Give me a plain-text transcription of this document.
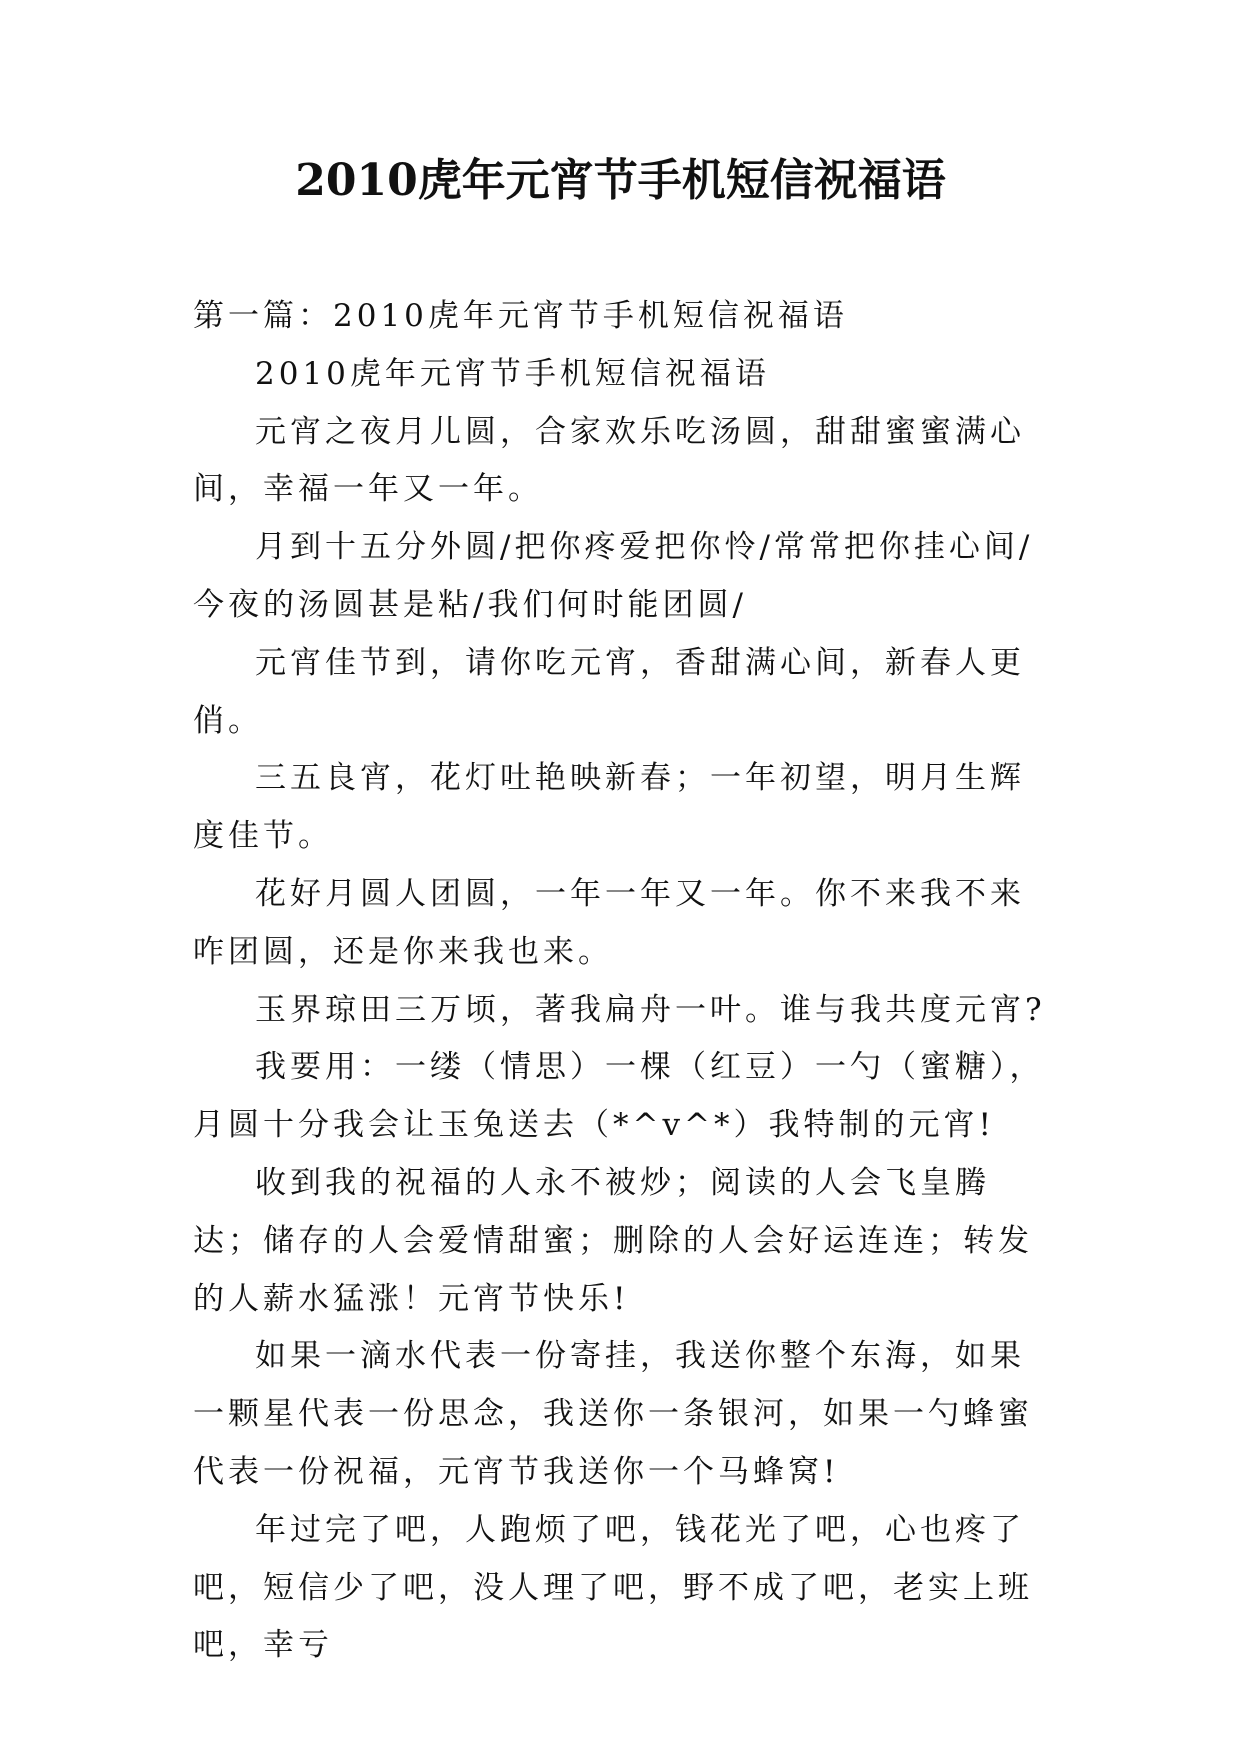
2010虎年元宵节手机短信祝福语

第一篇：2010虎年元宵节手机短信祝福语

2010虎年元宵节手机短信祝福语

元宵之夜月儿圆，合家欢乐吃汤圆，甜甜蜜蜜满心间，幸福一年又一年。

月到十五分外圆/把你疼爱把你怜/常常把你挂心间/今夜的汤圆甚是粘/我们何时能团圆/

元宵佳节到，请你吃元宵，香甜满心间，新春人更俏。

三五良宵，花灯吐艳映新春；一年初望，明月生辉度佳节。

花好月圆人团圆，一年一年又一年。你不来我不来咋团圆，还是你来我也来。

玉界琼田三万顷，著我扁舟一叶。谁与我共度元宵?

我要用：一缕（情思）一棵（红豆）一勺（蜜糖），月圆十分我会让玉兔送去（*^v^*）我特制的元宵!

收到我的祝福的人永不被炒；阅读的人会飞皇腾达；储存的人会爱情甜蜜；删除的人会好运连连；转发的人薪水猛涨！元宵节快乐!

如果一滴水代表一份寄挂，我送你整个东海，如果一颗星代表一份思念，我送你一条银河，如果一勺蜂蜜代表一份祝福，元宵节我送你一个马蜂窝!

年过完了吧，人跑烦了吧，钱花光了吧，心也疼了吧，短信少了吧，没人理了吧，野不成了吧，老实上班吧，幸亏
